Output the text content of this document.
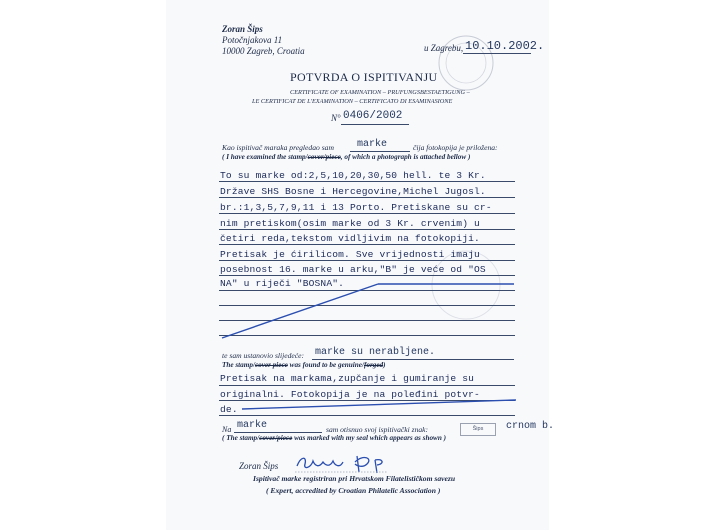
Zoran Šips
Potočnjakova 11
10000 Zagreb, Croatia	u Zagrebu, 10.10.2002.
POTVRDA O ISPITIVANJU
CERTIFICATE OF EXAMINATION – PRUFUNGSBESTAETIGUNG –
LE CERTIFICAT DE L'EXAMINATION – CERTIFICATO DI ESAMINASIONE
N° 0406/2002
Kao ispitivač maraka pregledao sam marke	čija fotokopija je priložena:
( I have examined the stamp/cover/piece, of which a photograph is attached bellow )
To su marke od:2,5,10,20,30,50 hell. te 3 Kr.
Države SHS Bosne i Hercegovine,Michel Jugosl.
br.:1,3,5,7,9,11 i 13 Porto. Pretiskane su cr-
nim pretiskom(osim marke od 3 Kr. crvenim) u
četiri reda,tekstom vidljivim na fotokopiji.
Pretisak je ćirilicom. Sve vrijednosti imaju
posebnost 16. marke u arku,"B" je veće od "OS
NA" u riječi "BOSNA".
te sam ustanovio slijedeće: marke su nerabljene.
The stamp/cover piece was found to be genuine/forged)
Pretisak na markama,zupčanje i gumiranje su
originalni. Fotokopija je na poleđini potvr-
de.
Na marke	sam otisnuo svoj ispitivački znak:	Šips	crnom b.
( The stamp/cover/piece was marked with my seal which appears as shown )
Zoran Šips
Ispitivač marke registriran pri Hrvatskom Filatelističkom savezu
( Expert, accredited by Croatian Philatelic Association )
